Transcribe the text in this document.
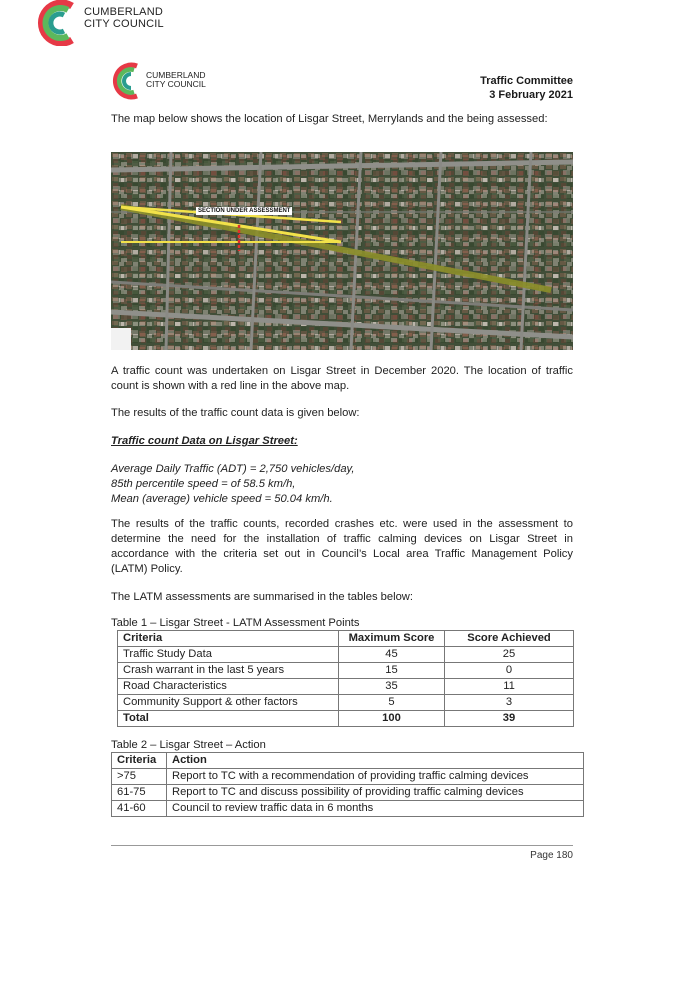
CUMBERLAND
CITY COUNCIL
CUMBERLAND
CITY COUNCIL	Traffic Committee
3 February 2021
The map below shows the location of Lisgar Street, Merrylands and the being assessed:
SECTION UNDER ASSESSMENT
A traffic count was undertaken on Lisgar Street in December 2020. The location of traffic count is shown with a red line in the above map.
The results of the traffic count data is given below:
Traffic count Data on Lisgar Street:
Average Daily Traffic (ADT) = 2,750 vehicles/day,
85th percentile speed = of 58.5 km/h,
Mean (average) vehicle speed = 50.04 km/h.
The results of the traffic counts, recorded crashes etc. were used in the assessment to determine the need for the installation of traffic calming devices on Lisgar Street in accordance with the criteria set out in Council’s Local area Traffic Management Policy (LATM) Policy.
The LATM assessments are summarised in the tables below:
Table 1 – Lisgar Street - LATM Assessment Points
Criteria	Maximum Score	Score Achieved
Traffic Study Data	45	25
Crash warrant in the last 5 years	15	0
Road Characteristics	35	11
Community Support & other factors	5	3
Total	100	39
Table 2 – Lisgar Street – Action
Criteria	Action
>75	Report to TC with a recommendation of providing traffic calming devices
61-75	Report to TC and discuss possibility of providing traffic calming devices
41-60	Council to review traffic data in 6 months
Page 180
